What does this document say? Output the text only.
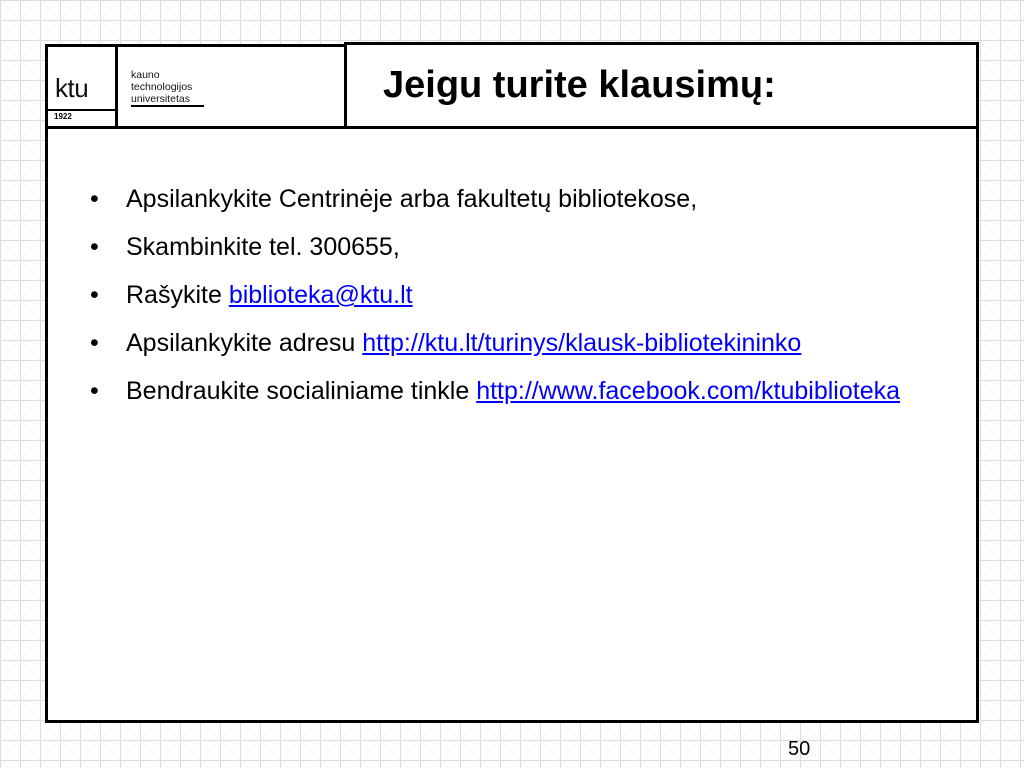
ktu
1922
kauno
technologijos
universitetas	Jeigu turite klausimų:
• Apsilankykite Centrinėje arba fakultetų bibliotekose,
• Skambinkite tel. 300655,
• Rašykite biblioteka@ktu.lt
• Apsilankykite adresu http://ktu.lt/turinys/klausk-bibliotekininko
• Bendraukite socialiniame tinkle http://www.facebook.com/ktubiblioteka
50
